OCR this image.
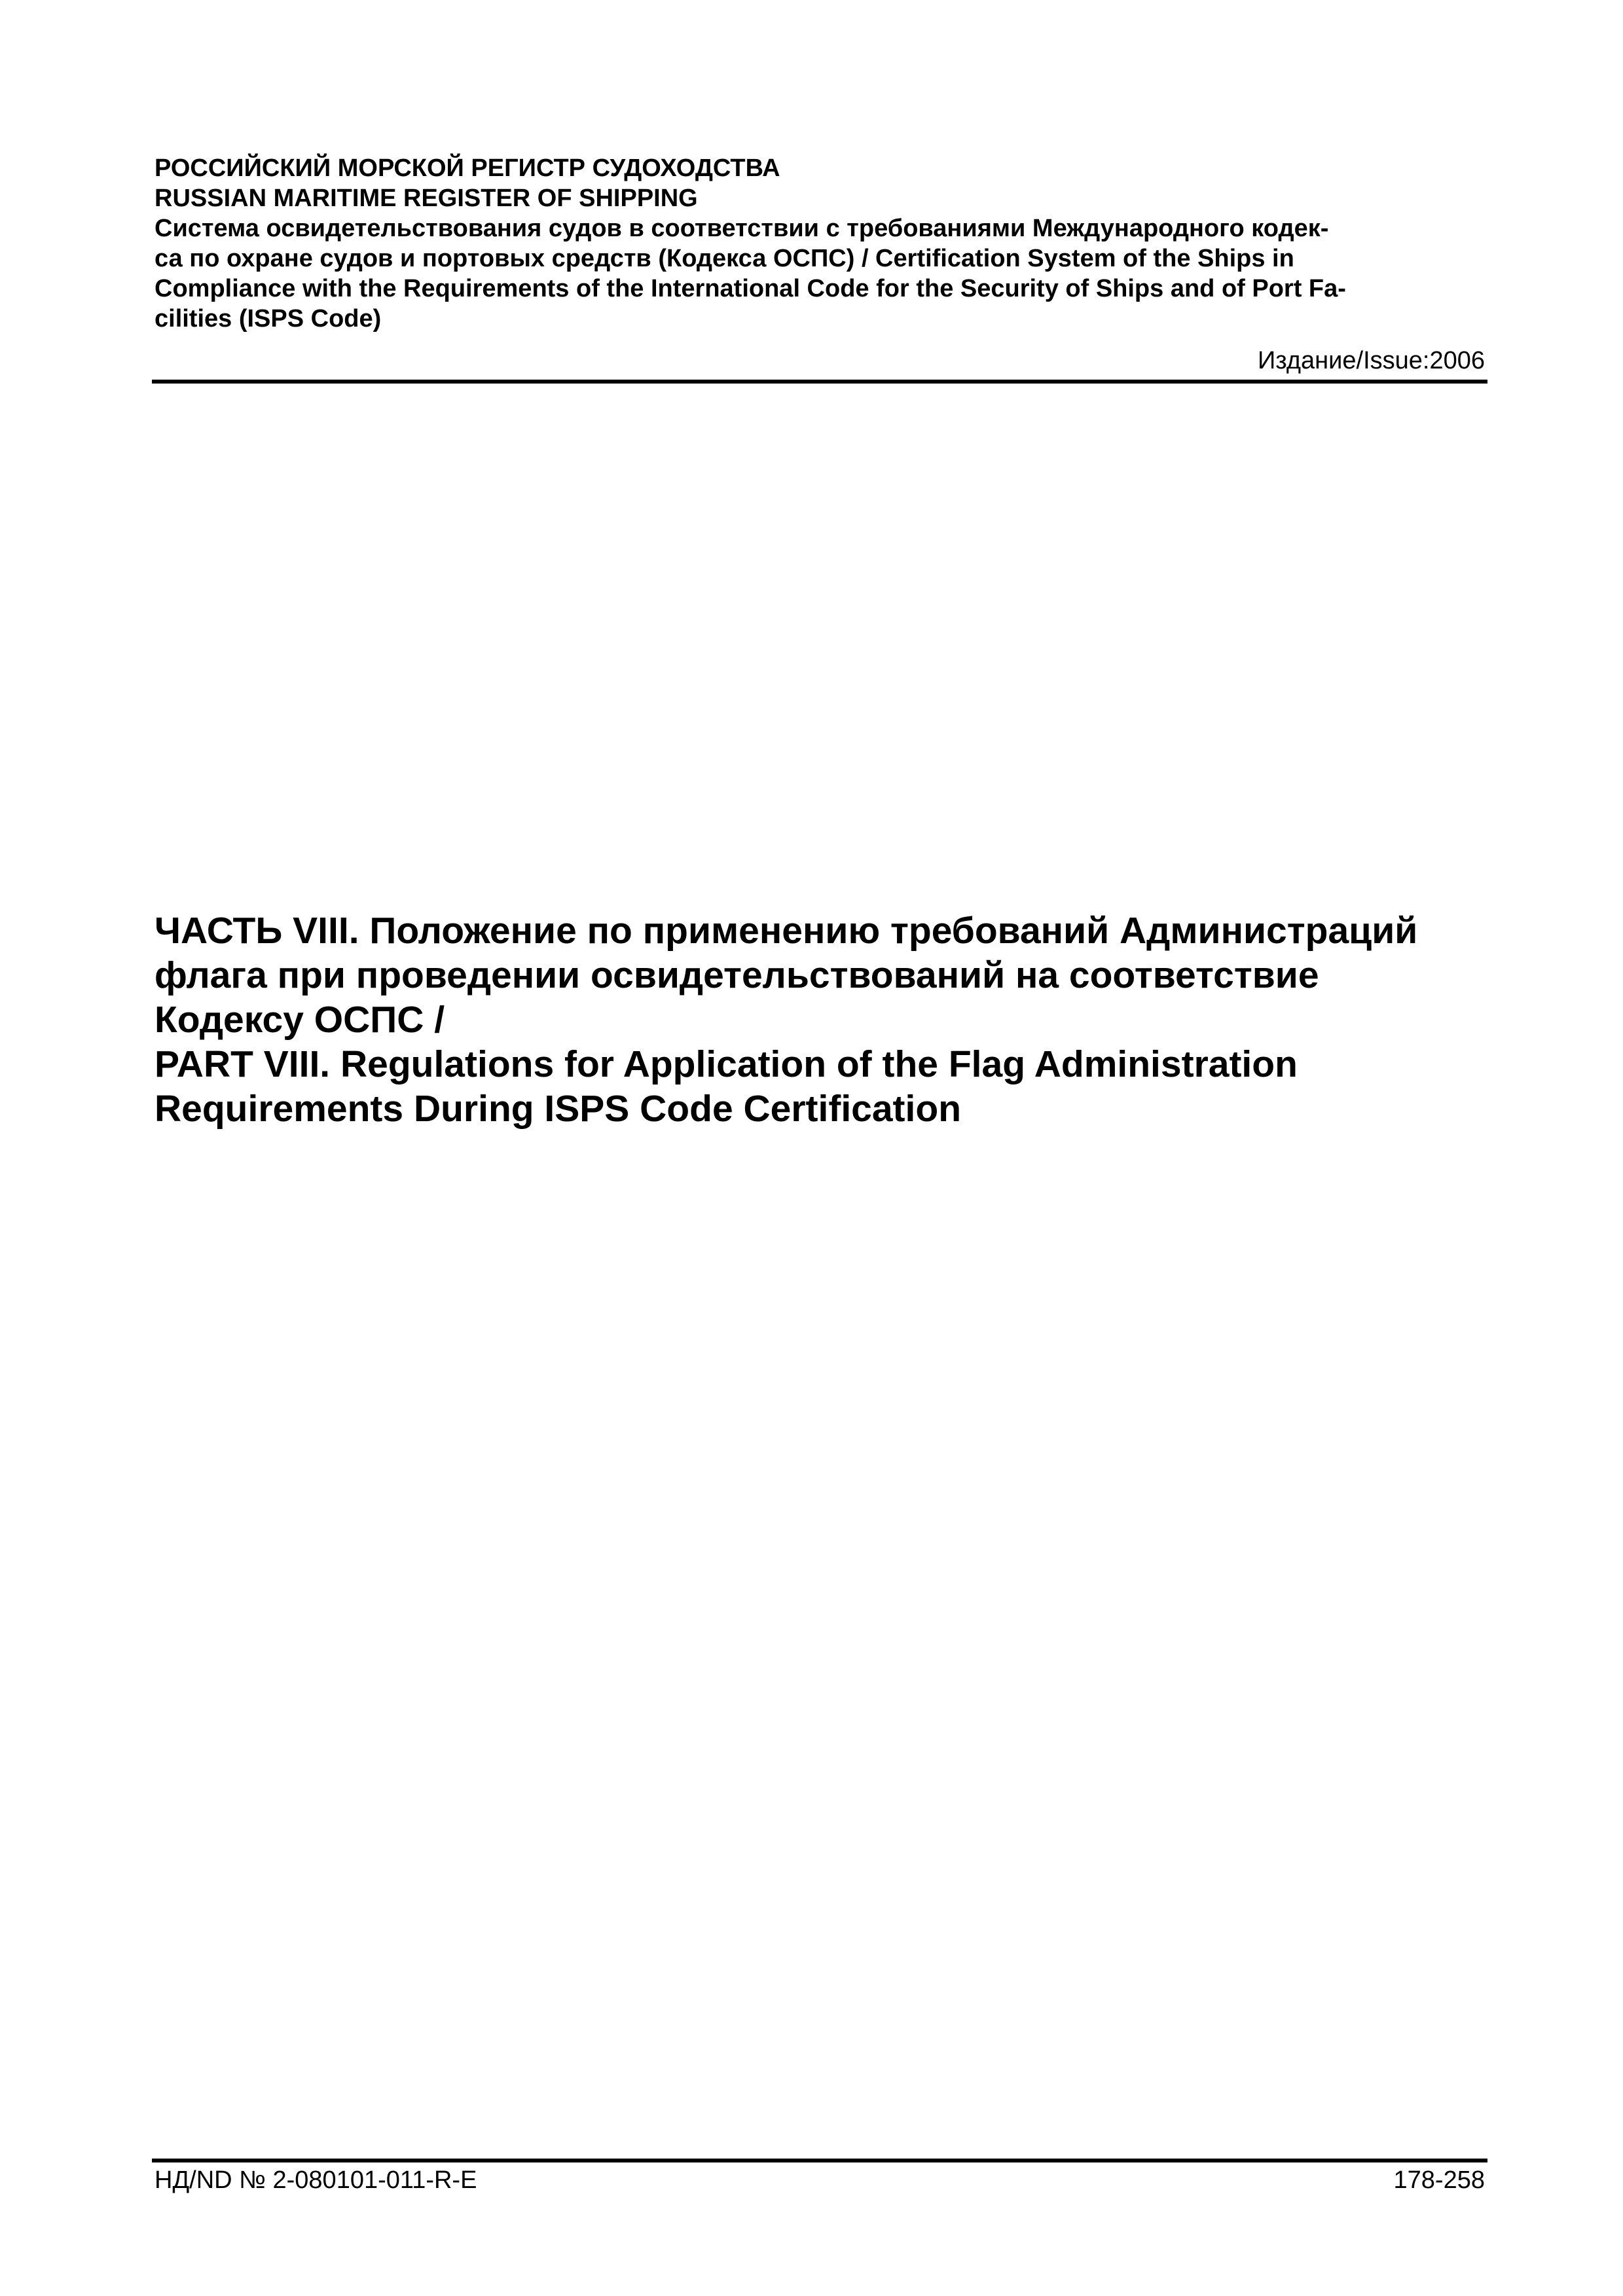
РОССИЙСКИЙ МОРСКОЙ РЕГИСТР СУДОХОДСТВА
RUSSIAN MARITIME REGISTER OF SHIPPING
Система освидетельствования судов в соответствии с требованиями Международного кодек-
са по охране судов и портовых средств (Кодекса ОСПС) / Certification System of the Ships in
Compliance with the Requirements of the International Code for the Security of Ships and of Port Fa-
cilities (ISPS Code)
Издание/Issue:2006
ЧАСТЬ VIII. Положение по применению требований Администраций
флага при проведении освидетельствований на соответствие
Кодексу ОСПС /
PART VIII. Regulations for Application of the Flag Administration
Requirements During ISPS Code Certification
НД/ND № 2-080101-011-R-E	178-258
